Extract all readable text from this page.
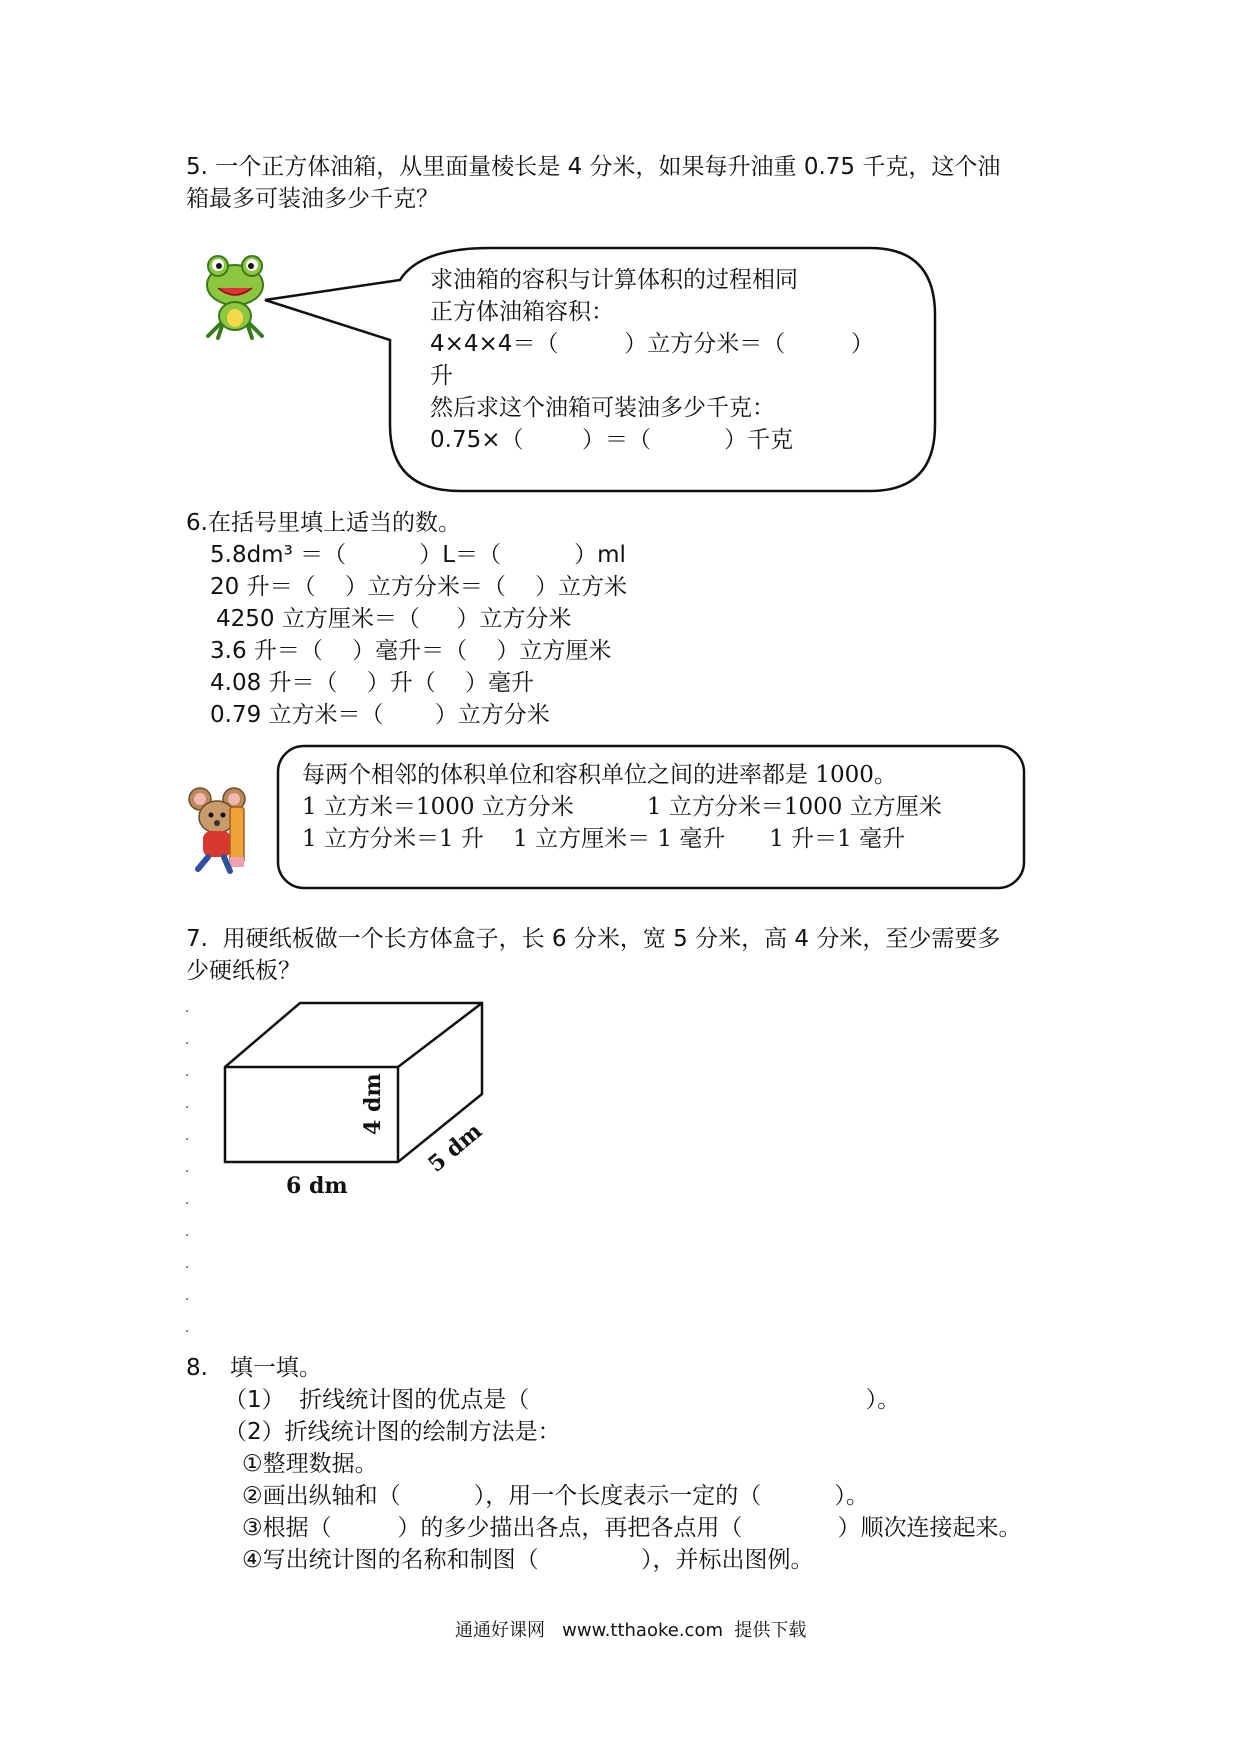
5. 一个正方体油箱，从里面量棱长是 4 分米，如果每升油重 0.75 千克，这个油
箱最多可装油多少千克？
求油箱的容积与计算体积的过程相同
正方体油箱容积：
4×4×4＝（         ）立方分米＝（         ）
升
然后求这个油箱可装油多少千克：
0.75×（        ）＝（          ）千克
6.在括号里填上适当的数。
5.8dm³ ＝（          ）L＝（          ）ml
20 升＝（    ）立方分米＝（    ）立方米
4250 立方厘米＝（     ）立方分米
3.6 升＝（    ）毫升＝（    ）立方厘米
4.08 升＝（    ）升（    ）毫升
0.79 立方米＝（       ）立方分米
每两个相邻的体积单位和容积单位之间的进率都是 1000。
1 立方米＝1000 立方分米          1 立方分米＝1000 立方厘米
1 立方分米＝1 升    1 立方厘米＝ 1 毫升      1 升＝1 毫升
7.  用硬纸板做一个长方体盒子，长 6 分米，宽 5 分米，高 4 分米，至少需要多
少硬纸板？
4 dm
5 dm
6 dm
8.   填一填。
（1）  折线统计图的优点是（                                              ）。
（2）折线统计图的绘制方法是：
①整理数据。
②画出纵轴和（          ），用一个长度表示一定的（          ）。
③根据（         ）的多少描出各点，再把各点用（             ）顺次连接起来。
④写出统计图的名称和制图（              ），并标出图例。
通通好课网   www.tthaoke.com  提供下载
